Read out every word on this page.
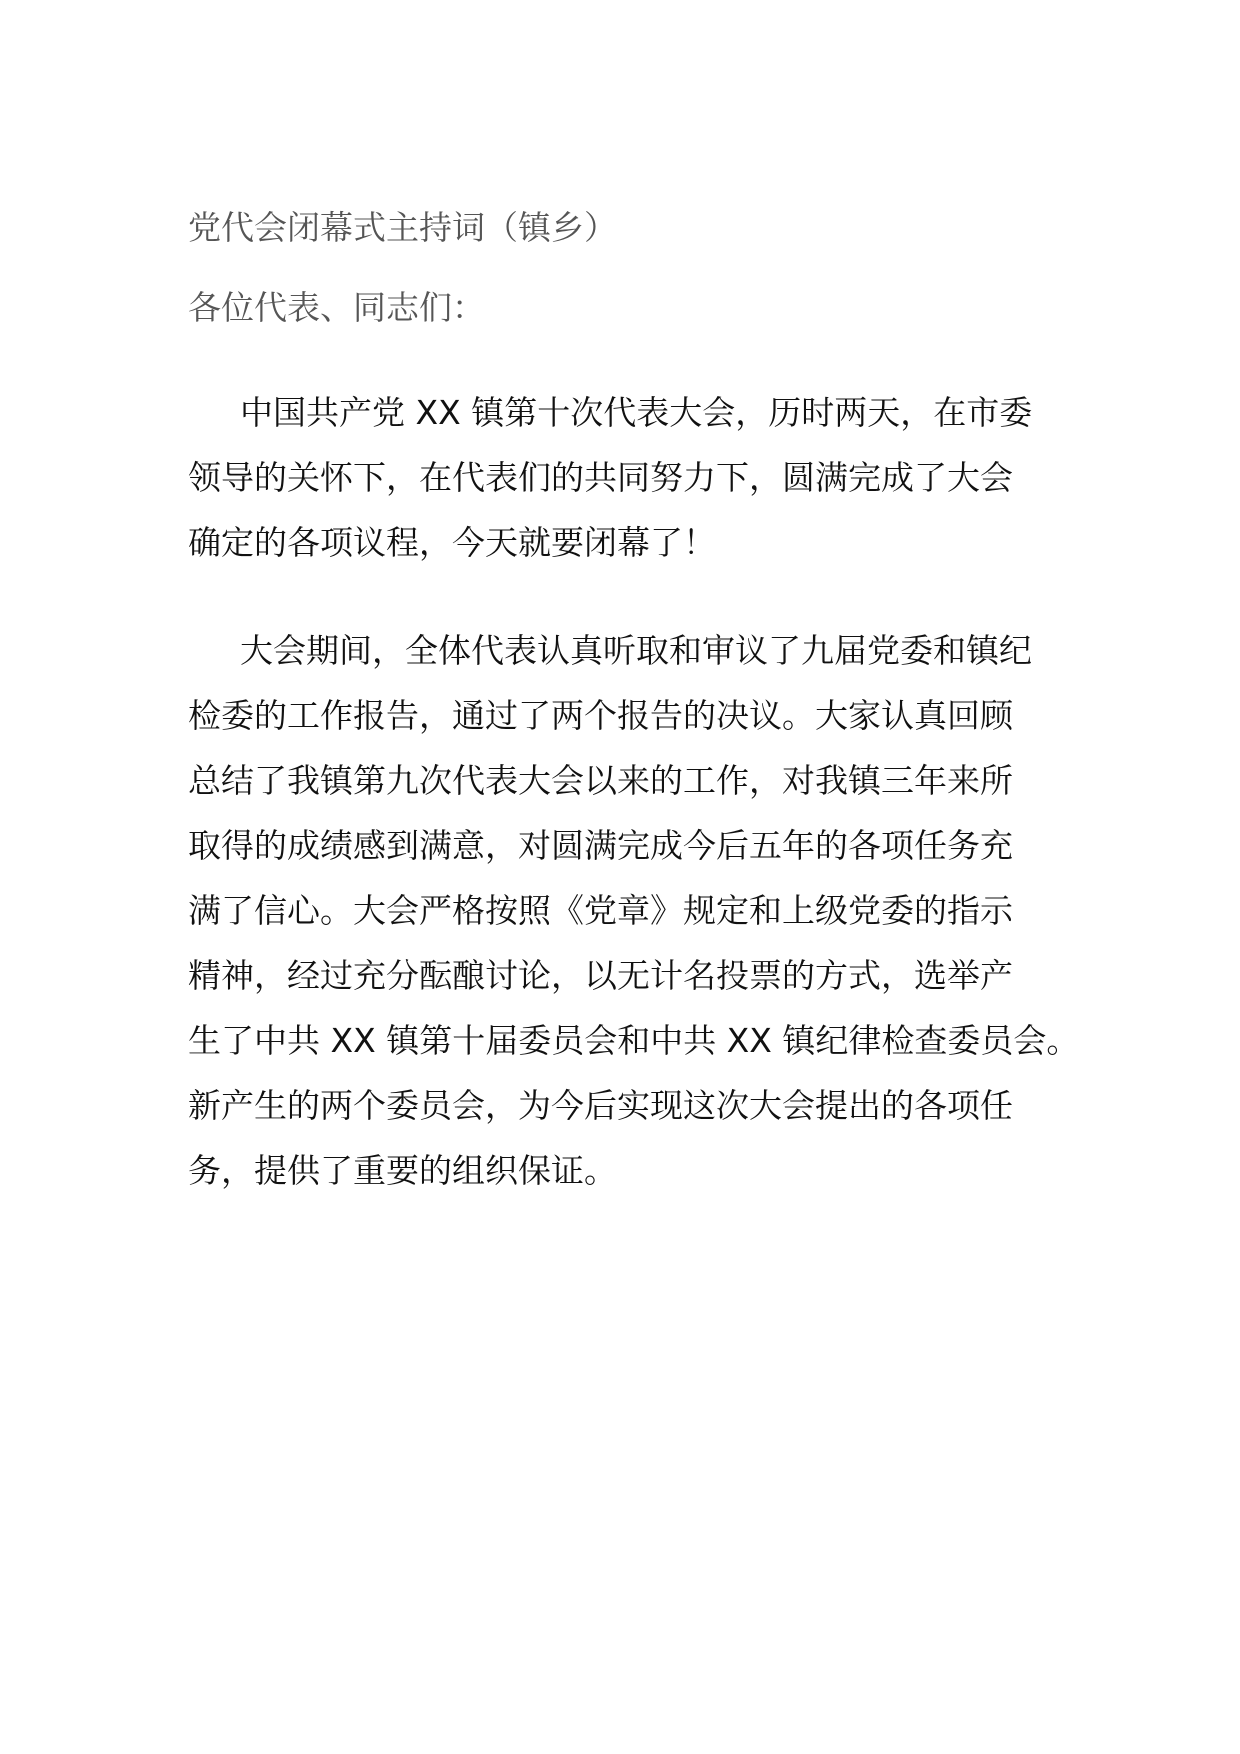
党代会闭幕式主持词（镇乡）
各位代表、同志们：
中国共产党 XX 镇第十次代表大会，历时两天，在市委
领导的关怀下，在代表们的共同努力下，圆满完成了大会
确定的各项议程，今天就要闭幕了！
大会期间，全体代表认真听取和审议了九届党委和镇纪
检委的工作报告，通过了两个报告的决议。大家认真回顾
总结了我镇第九次代表大会以来的工作，对我镇三年来所
取得的成绩感到满意，对圆满完成今后五年的各项任务充
满了信心。大会严格按照《党章》规定和上级党委的指示
精神，经过充分酝酿讨论，以无计名投票的方式，选举产
生了中共 XX 镇第十届委员会和中共 XX 镇纪律检查委员会。
新产生的两个委员会，为今后实现这次大会提出的各项任
务，提供了重要的组织保证。
